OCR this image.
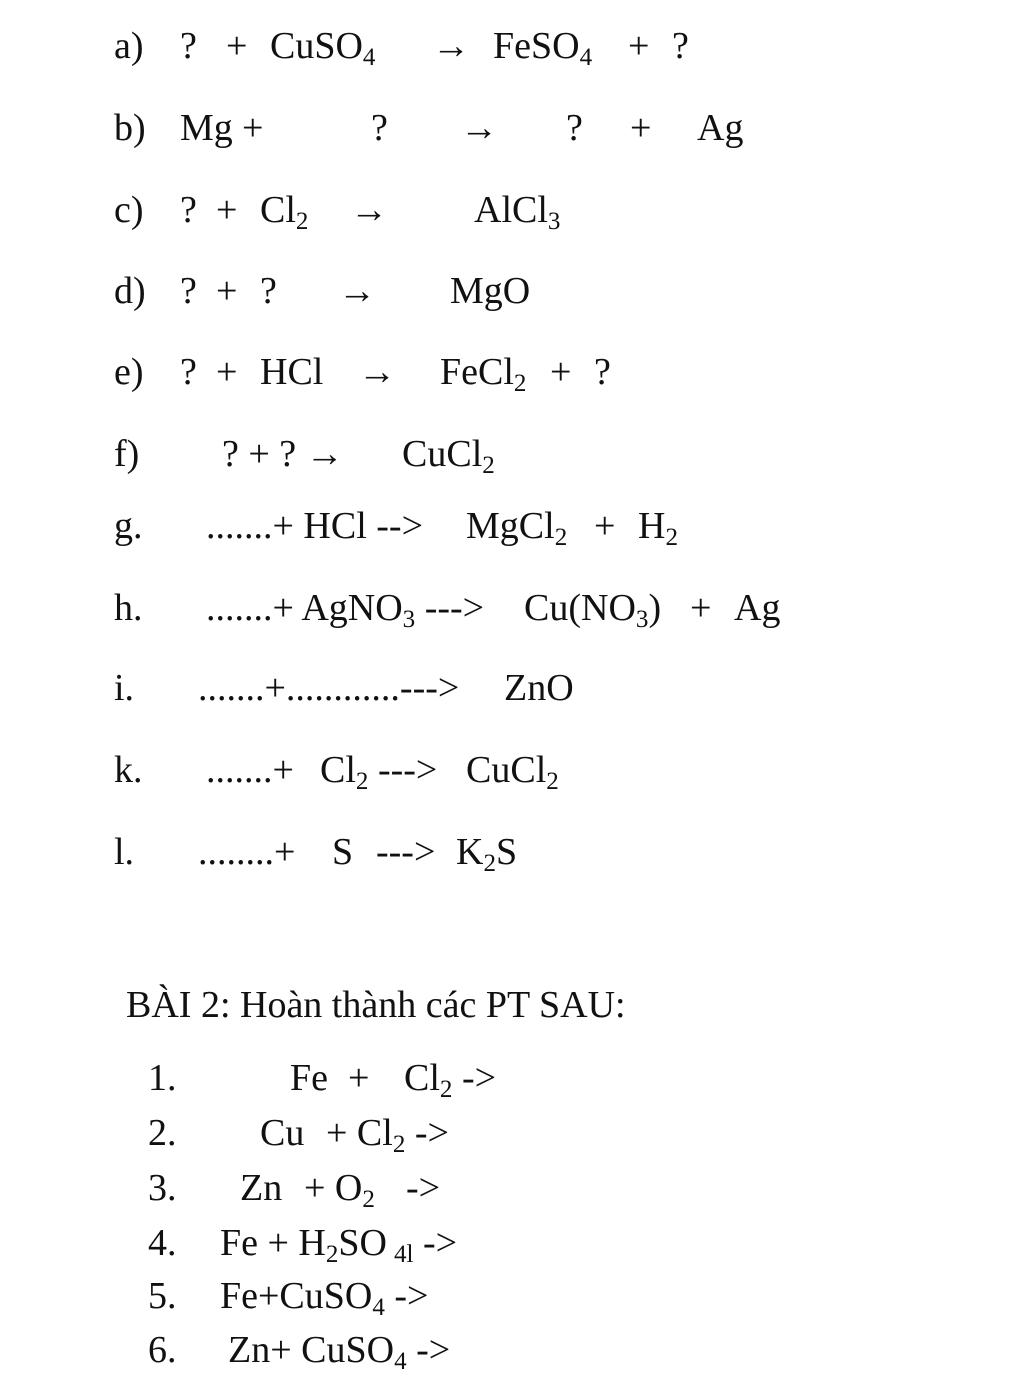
a) ? + CuSO$_4$ → FeSO$_4$ + ?
b) Mg +	? → ? + Ag
c) ? + $Cl_2$ → AlCl$_3$
d) ? + ? → MgO
e) ? + HCl → FeCl$_2$ + ?
f) ? + ? → CuCl$_2$
g. .......+ HCl --> MgCl$_2$ + $H_2$
h. .......+ AgNO$_3$ ---> $Cu(NO_3) + Ag$
i. .......+............---> ZnO
k. .......+ $Cl_2$ ---> CuCl$_2$
l. ........+ S ---> $K_2S$
BÀI 2: Hoàn thành các PT SAU:
1.	$Fe + Cl_2$ ->
2. $Cu + Cl_2$ ->
3. $Zn + O_2$ ->
4. $Fe + H_2SO$ $_{4l}$ ->
5. Fe+CuSO$_4$ ->
6. Zn+ CuSO$_4$ ->
